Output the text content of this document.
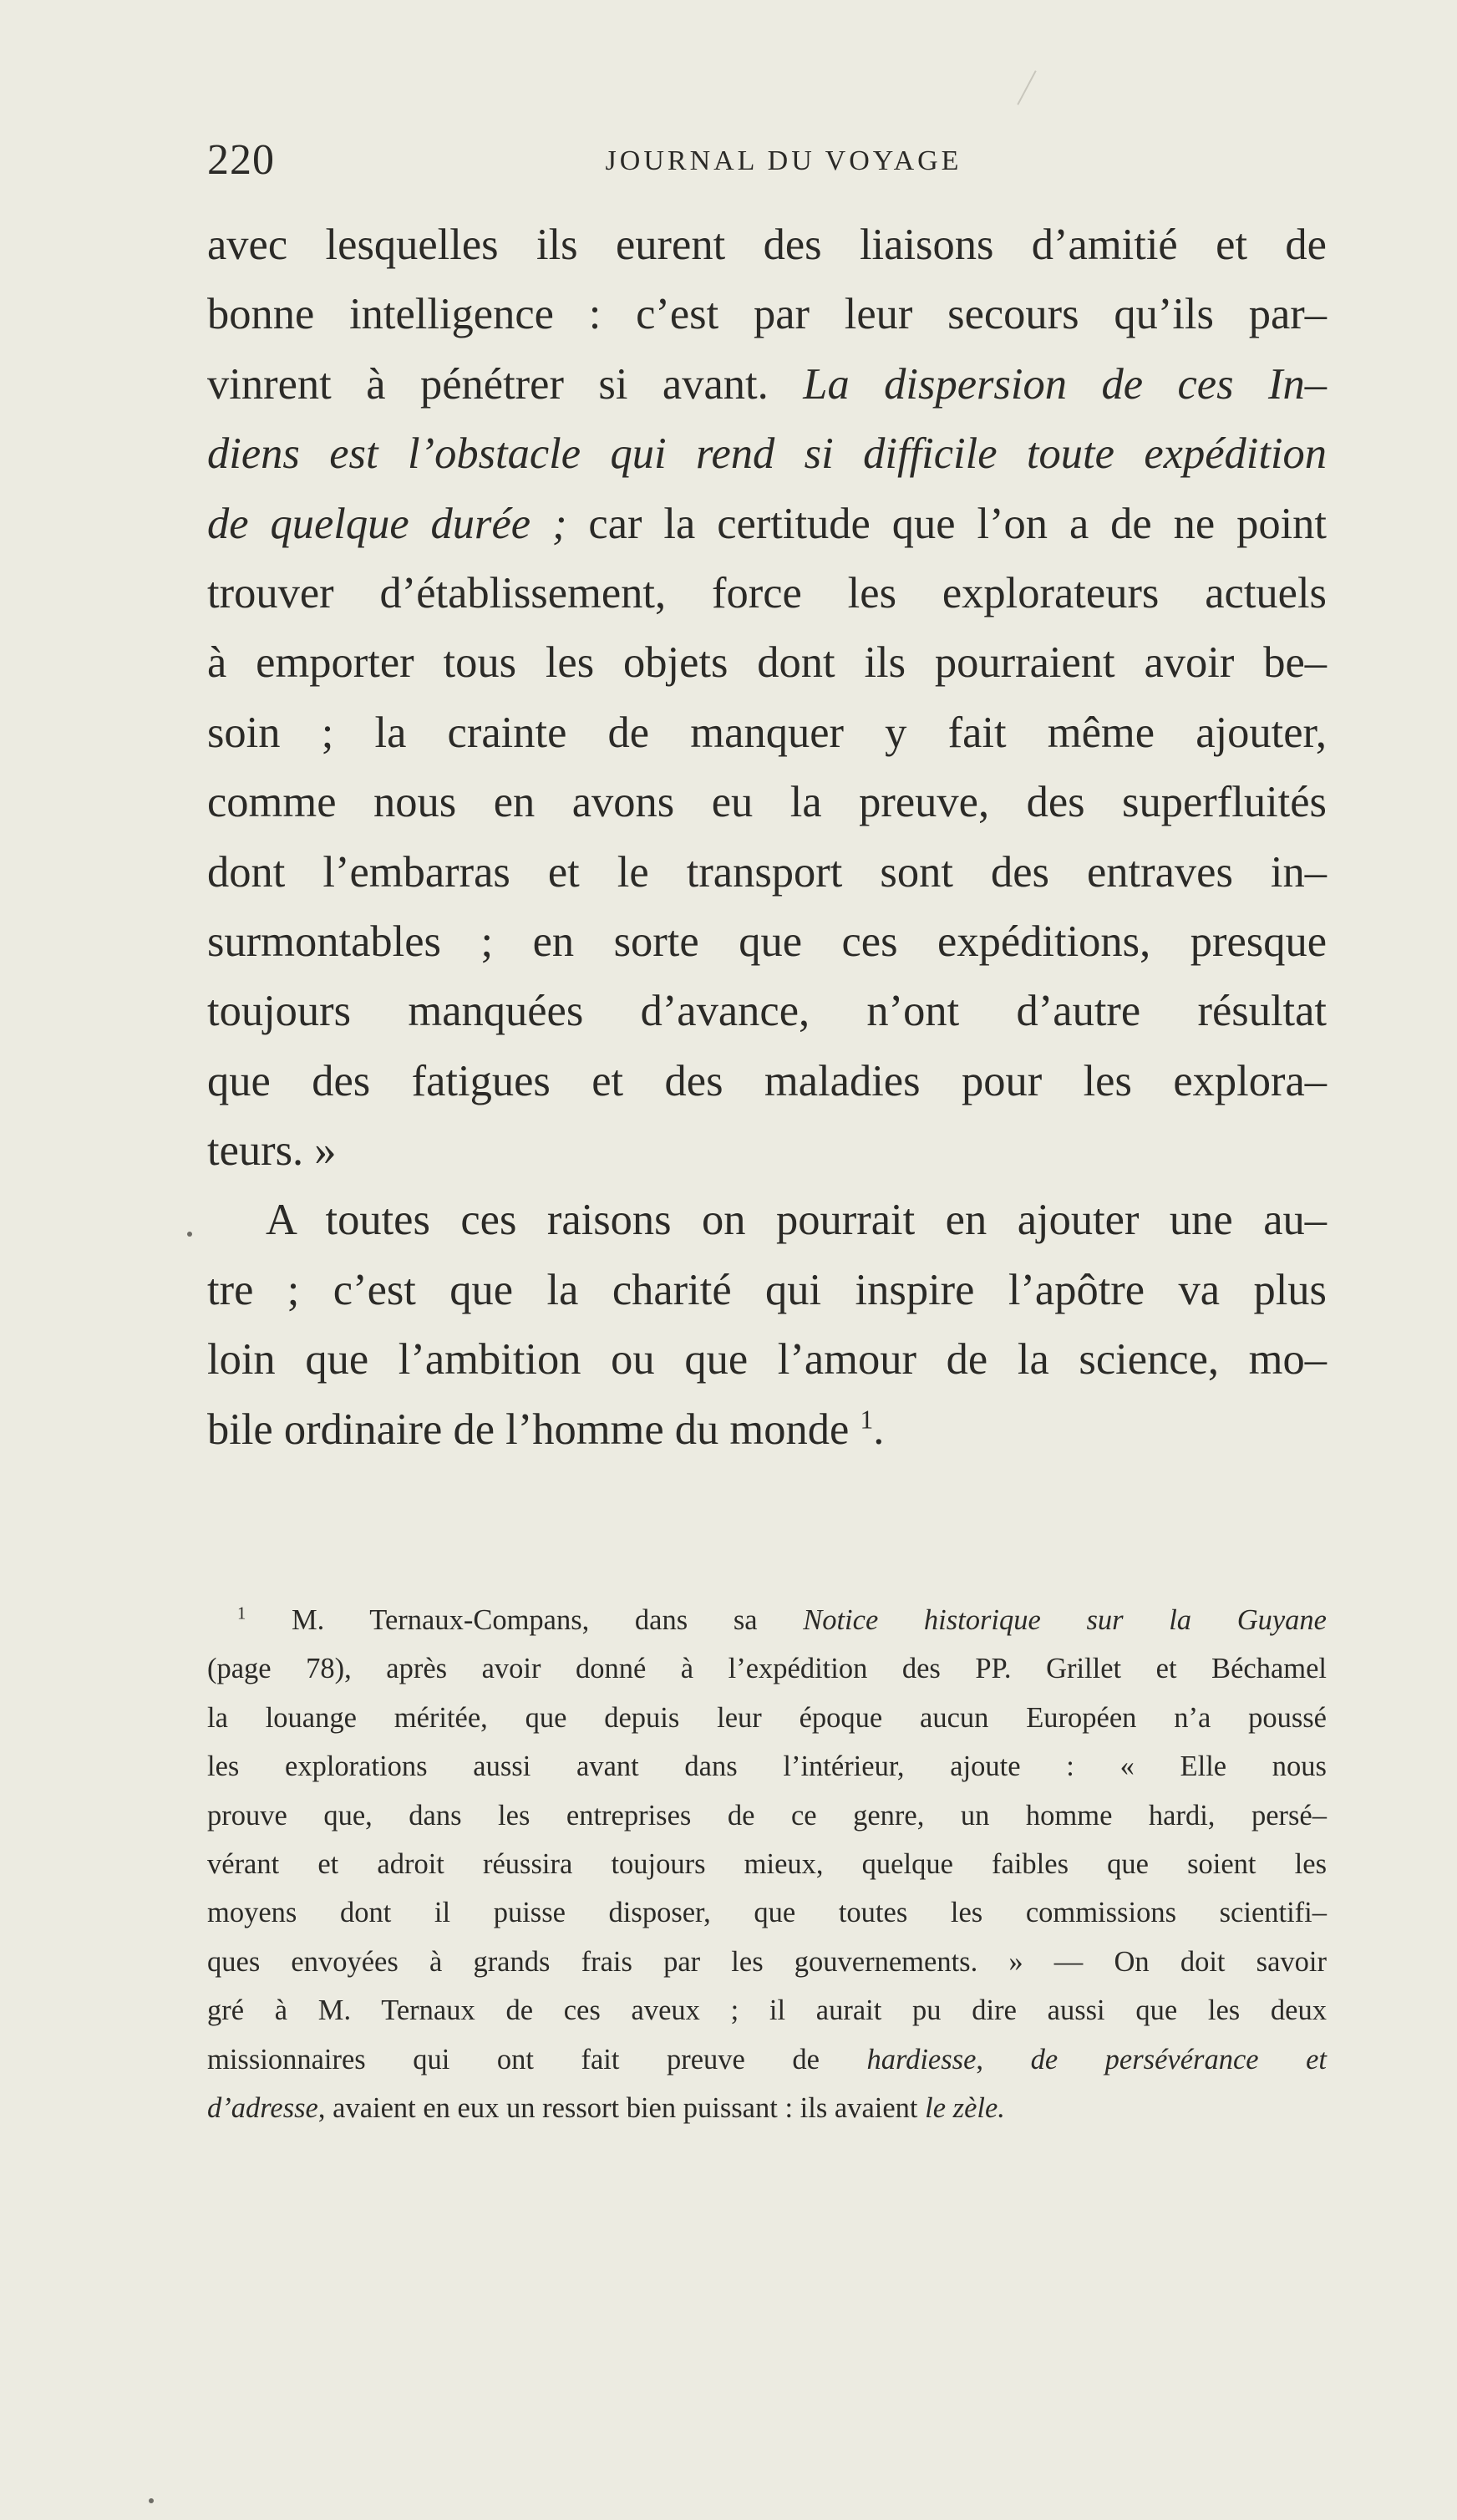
220	JOURNAL DU VOYAGE
avec lesquelles ils eurent des liaisons d’amitié et de
bonne intelligence : c’est par leur secours qu’ils par–
vinrent à pénétrer si avant. La dispersion de ces In–
diens est l’obstacle qui rend si difficile toute expédition
de quelque durée ; car la certitude que l’on a de ne point
trouver d’établissement, force les explorateurs actuels
à emporter tous les objets dont ils pourraient avoir be–
soin ; la crainte de manquer y fait même ajouter,
comme nous en avons eu la preuve, des superfluités
dont l’embarras et le transport sont des entraves in–
surmontables ; en sorte que ces expéditions, presque
toujours manquées d’avance, n’ont d’autre résultat
que des fatigues et des maladies pour les explora–
teurs. »
A toutes ces raisons on pourrait en ajouter une au–
tre ; c’est que la charité qui inspire l’apôtre va plus
loin que l’ambition ou que l’amour de la science, mo–
bile ordinaire de l’homme du monde $^1$.
$^1$ M. Ternaux-Compans, dans sa Notice historique sur la Guyane
(page 78), après avoir donné à l’expédition des PP. Grillet et Béchamel
la louange méritée, que depuis leur époque aucun Européen n’a poussé
les explorations aussi avant dans l’intérieur, ajoute : « Elle nous
prouve que, dans les entreprises de ce genre, un homme hardi, persé–
vérant et adroit réussira toujours mieux, quelque faibles que soient les
moyens dont il puisse disposer, que toutes les commissions scientifi–
ques envoyées à grands frais par les gouvernements. » — On doit savoir
gré à M. Ternaux de ces aveux ; il aurait pu dire aussi que les deux
missionnaires qui ont fait preuve de hardiesse, de persévérance et
d’adresse, avaient en eux un ressort bien puissant : ils avaient le zèle.
